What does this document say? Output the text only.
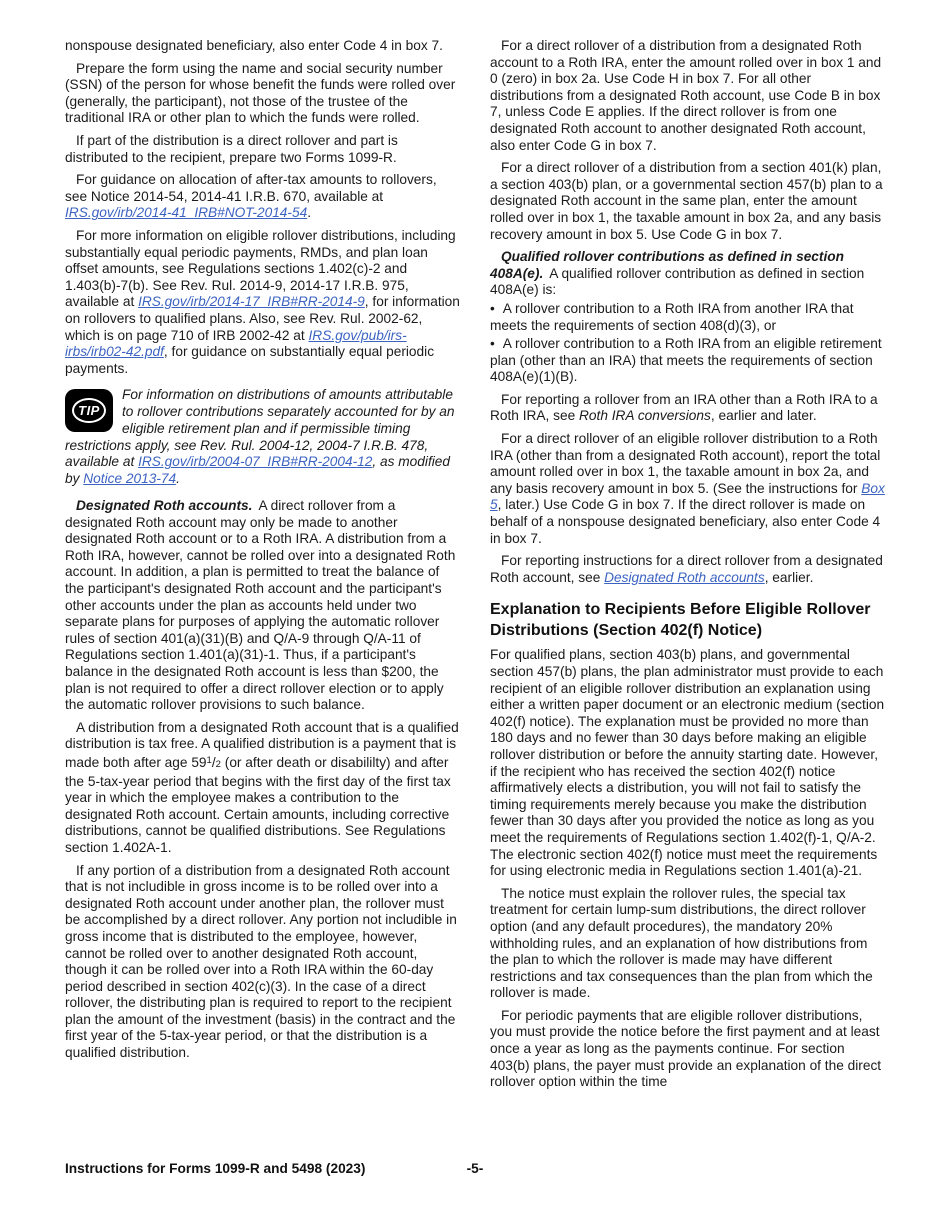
nonspouse designated beneficiary, also enter Code 4 in box 7.

Prepare the form using the name and social security number (SSN) of the person for whose benefit the funds were rolled over (generally, the participant), not those of the trustee of the traditional IRA or other plan to which the funds were rolled.

If part of the distribution is a direct rollover and part is distributed to the recipient, prepare two Forms 1099-R.

For guidance on allocation of after-tax amounts to rollovers, see Notice 2014-54, 2014-41 I.R.B. 670, available at IRS.gov/irb/2014-41_IRB#NOT-2014-54.

For more information on eligible rollover distributions, including substantially equal periodic payments, RMDs, and plan loan offset amounts, see Regulations sections 1.402(c)-2 and 1.403(b)-7(b). See Rev. Rul. 2014-9, 2014-17 I.R.B. 975, available at IRS.gov/irb/2014-17_IRB#RR-2014-9, for information on rollovers to qualified plans. Also, see Rev. Rul. 2002-62, which is on page 710 of IRB 2002-42 at IRS.gov/pub/irs-irbs/irb02-42.pdf, for guidance on substantially equal periodic payments.

TIP
For information on distributions of amounts attributable to rollover contributions separately accounted for by an eligible retirement plan and if permissible timing restrictions apply, see Rev. Rul. 2004-12, 2004-7 I.R.B. 478, available at IRS.gov/irb/2004-07_IRB#RR-2004-12, as modified by Notice 2013-74.

Designated Roth accounts. A direct rollover from a designated Roth account may only be made to another designated Roth account or to a Roth IRA. A distribution from a Roth IRA, however, cannot be rolled over into a designated Roth account. In addition, a plan is permitted to treat the balance of the participant's designated Roth account and the participant's other accounts under the plan as accounts held under two separate plans for purposes of applying the automatic rollover rules of section 401(a)(31)(B) and Q/A-9 through Q/A-11 of Regulations section 1.401(a)(31)-1. Thus, if a participant's balance in the designated Roth account is less than $200, the plan is not required to offer a direct rollover election or to apply the automatic rollover provisions to such balance.

A distribution from a designated Roth account that is a qualified distribution is tax free. A qualified distribution is a payment that is made both after age $59^1/2$ (or after death or disabililty) and after the 5-tax-year period that begins with the first day of the first tax year in which the employee makes a contribution to the designated Roth account. Certain amounts, including corrective distributions, cannot be qualified distributions. See Regulations section 1.402A-1.

If any portion of a distribution from a designated Roth account that is not includible in gross income is to be rolled over into a designated Roth account under another plan, the rollover must be accomplished by a direct rollover. Any portion not includible in gross income that is distributed to the employee, however, cannot be rolled over to another designated Roth account, though it can be rolled over into a Roth IRA within the 60-day period described in section 402(c)(3). In the case of a direct rollover, the distributing plan is required to report to the recipient plan the amount of the investment (basis) in the contract and the first year of the 5-tax-year period, or that the distribution is a qualified distribution.

For a direct rollover of a distribution from a designated Roth account to a Roth IRA, enter the amount rolled over in box 1 and 0 (zero) in box 2a. Use Code H in box 7. For all other distributions from a designated Roth account, use Code B in box 7, unless Code E applies. If the direct rollover is from one designated Roth account to another designated Roth account, also enter Code G in box 7.

For a direct rollover of a distribution from a section 401(k) plan, a section 403(b) plan, or a governmental section 457(b) plan to a designated Roth account in the same plan, enter the amount rolled over in box 1, the taxable amount in box 2a, and any basis recovery amount in box 5. Use Code G in box 7.

Qualified rollover contributions as defined in section 408A(e). A qualified rollover contribution as defined in section 408A(e) is:

• A rollover contribution to a Roth IRA from another IRA that meets the requirements of section 408(d)(3), or
• A rollover contribution to a Roth IRA from an eligible retirement plan (other than an IRA) that meets the requirements of section 408A(e)(1)(B).

For reporting a rollover from an IRA other than a Roth IRA to a Roth IRA, see Roth IRA conversions, earlier and later.

For a direct rollover of an eligible rollover distribution to a Roth IRA (other than from a designated Roth account), report the total amount rolled over in box 1, the taxable amount in box 2a, and any basis recovery amount in box 5. (See the instructions for Box 5, later.) Use Code G in box 7. If the direct rollover is made on behalf of a nonspouse designated beneficiary, also enter Code 4 in box 7.

For reporting instructions for a direct rollover from a designated Roth account, see Designated Roth accounts, earlier.

Explanation to Recipients Before Eligible Rollover Distributions (Section 402(f) Notice)

For qualified plans, section 403(b) plans, and governmental section 457(b) plans, the plan administrator must provide to each recipient of an eligible rollover distribution an explanation using either a written paper document or an electronic medium (section 402(f) notice). The explanation must be provided no more than 180 days and no fewer than 30 days before making an eligible rollover distribution or before the annuity starting date. However, if the recipient who has received the section 402(f) notice affirmatively elects a distribution, you will not fail to satisfy the timing requirements merely because you make the distribution fewer than 30 days after you provided the notice as long as you meet the requirements of Regulations section 1.402(f)-1, Q/A-2. The electronic section 402(f) notice must meet the requirements for using electronic media in Regulations section 1.401(a)-21.

The notice must explain the rollover rules, the special tax treatment for certain lump-sum distributions, the direct rollover option (and any default procedures), the mandatory 20% withholding rules, and an explanation of how distributions from the plan to which the rollover is made may have different restrictions and tax consequences than the plan from which the rollover is made.

For periodic payments that are eligible rollover distributions, you must provide the notice before the first payment and at least once a year as long as the payments continue. For section 403(b) plans, the payer must provide an explanation of the direct rollover option within the time

Instructions for Forms 1099-R and 5498 (2023)	-5-
